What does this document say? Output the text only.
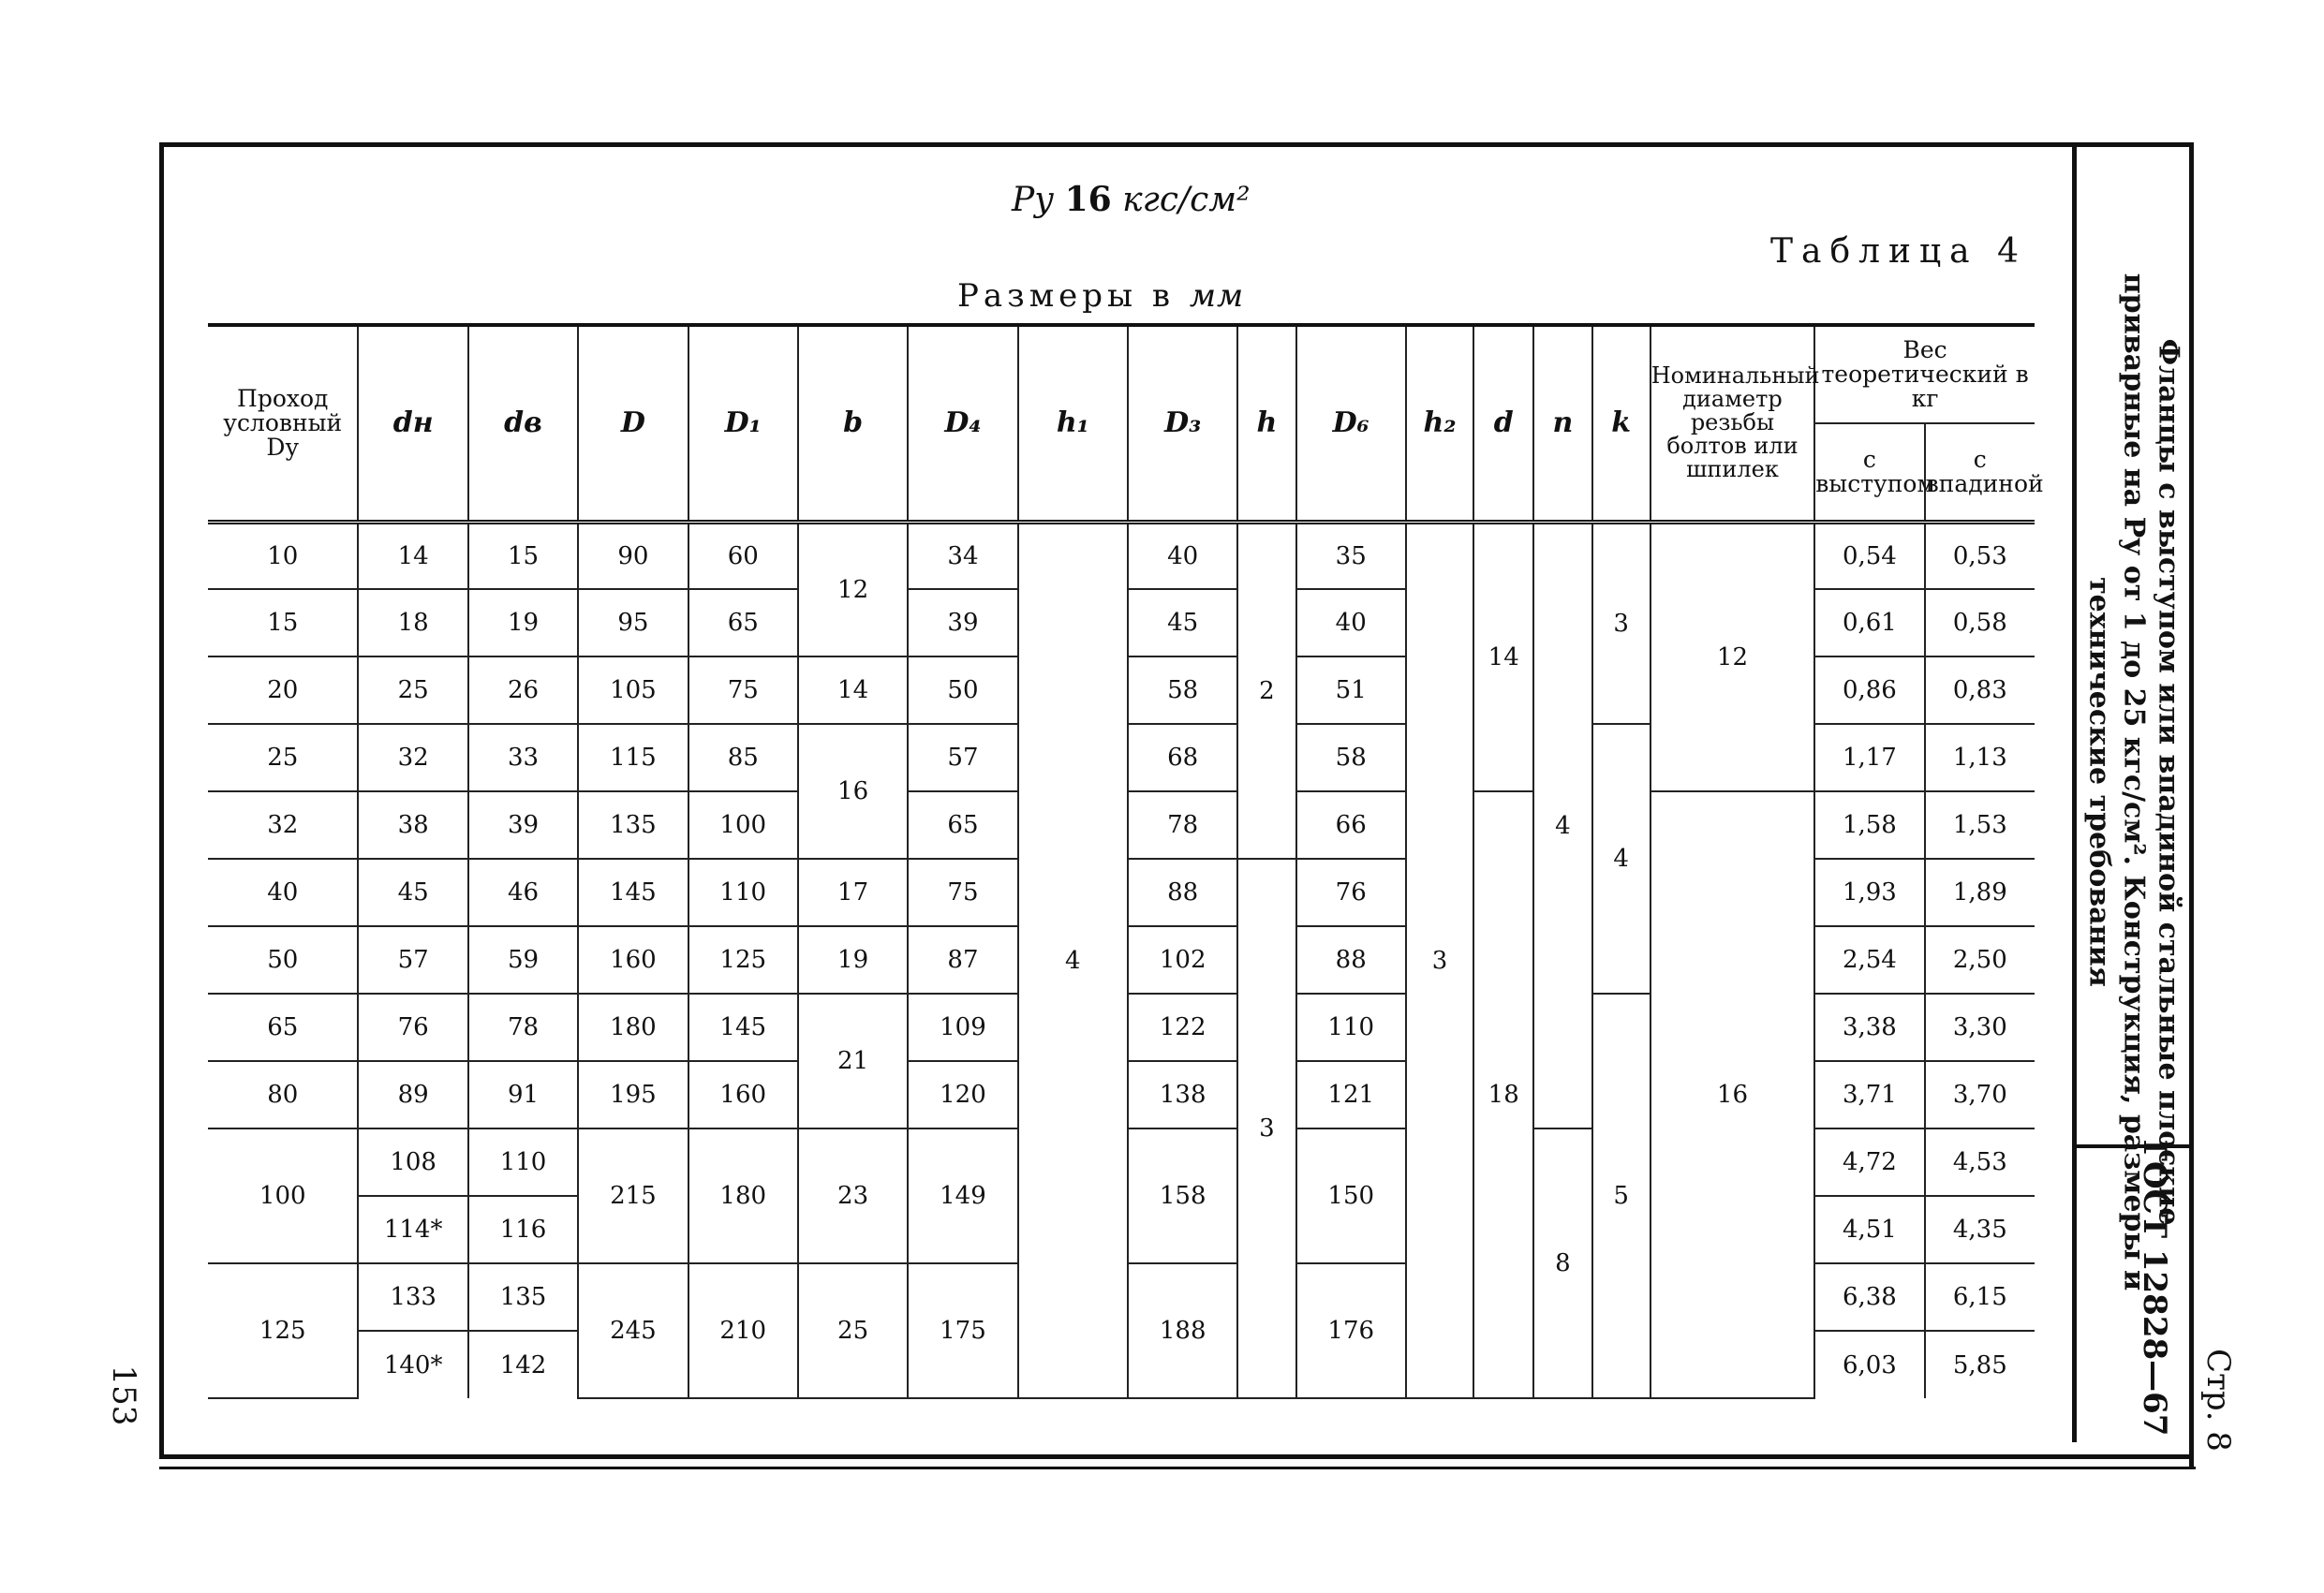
Pу 16 кгс/см²
Таблица 4
Размеры в мм
Фланцы с выступом или впадиной стальные плоские приварные на Pу от 1 до 25 кгс/см². Конструкция, размеры и технические требования
ГОСТ 12828—67 Стр. 8
153
Проход условный Dу	dн	dв	D	D₁	b	D₄	h₁	D₃	h	D₆	h₂	d	n	k	Номинальный диаметр резьбы болтов или шпилек	Вес теоретический в кг	
																с выступом	с впадиной
10	14	15	90	60	12	34	4	40	2	35	3	14	4	3	12	0,54	0,53
15	18	19	95	65		39		45		40						0,61	0,58
20	25	26	105	75	14	50		58		51						0,86	0,83
25	32	33	115	85	16	57		68		58				4		1,17	1,13
32	38	39	135	100		65		78		66		18			16	1,58	1,53
40	45	46	145	110	17	75		88	3	76						1,93	1,89
50	57	59	160	125	19	87		102		88						2,54	2,50
65	76	78	180	145	21	109		122		110				5		3,38	3,30
80	89	91	195	160		120		138		121						3,71	3,70
100	108	110	215	180	23	149		158		150			8			4,72	4,53
	114*	116														4,51	4,35
125	133	135	245	210	25	175		188		176						6,38	6,15
	140*	142														6,03	5,85
